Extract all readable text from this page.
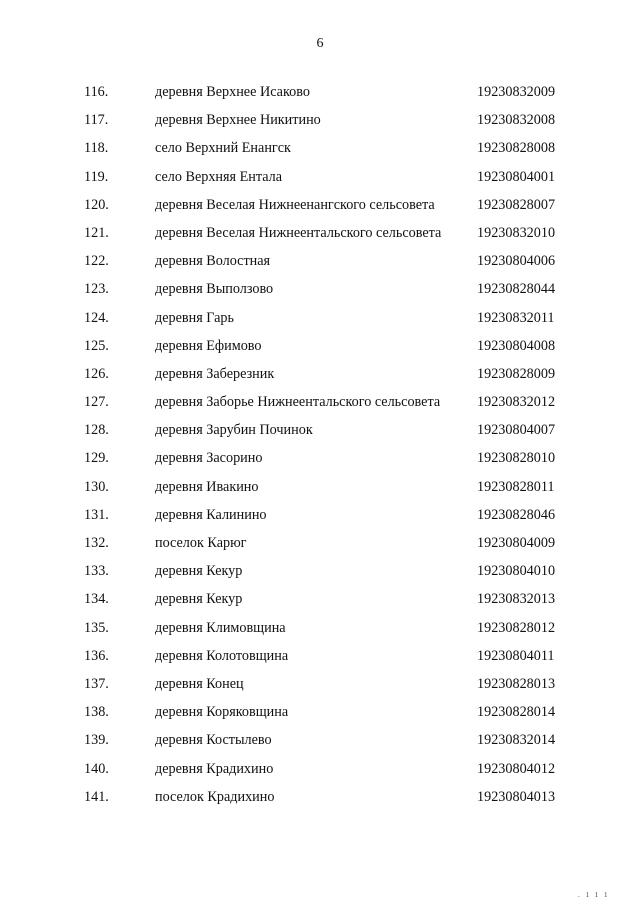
6
116.	деревня Верхнее Исаково	19230832009
117.	деревня Верхнее Никитино	19230832008
118.	село Верхний Енангск	19230828008
119.	село Верхняя Ентала	19230804001
120.	деревня Веселая Нижнеенангского сельсовета	19230828007
121.	деревня Веселая Нижнеентальского сельсовета	19230832010
122.	деревня Волостная	19230804006
123.	деревня Выползово	19230828044
124.	деревня Гарь	19230832011
125.	деревня Ефимово	19230804008
126.	деревня Заберезник	19230828009
127.	деревня Заборье Нижнеентальского сельсовета	19230832012
128.	деревня Зарубин Починок	19230804007
129.	деревня Засорино	19230828010
130.	деревня Ивакино	19230828011
131.	деревня Калинино	19230828046
132.	поселок Карюг	19230804009
133.	деревня Кекур	19230804010
134.	деревня Кекур	19230832013
135.	деревня Климовщина	19230828012
136.	деревня Колотовщина	19230804011
137.	деревня Конец	19230828013
138.	деревня Коряковщина	19230828014
139.	деревня Костылево	19230832014
140.	деревня Крадихино	19230804012
141.	поселок Крадихино	19230804013
. 1 1 1
